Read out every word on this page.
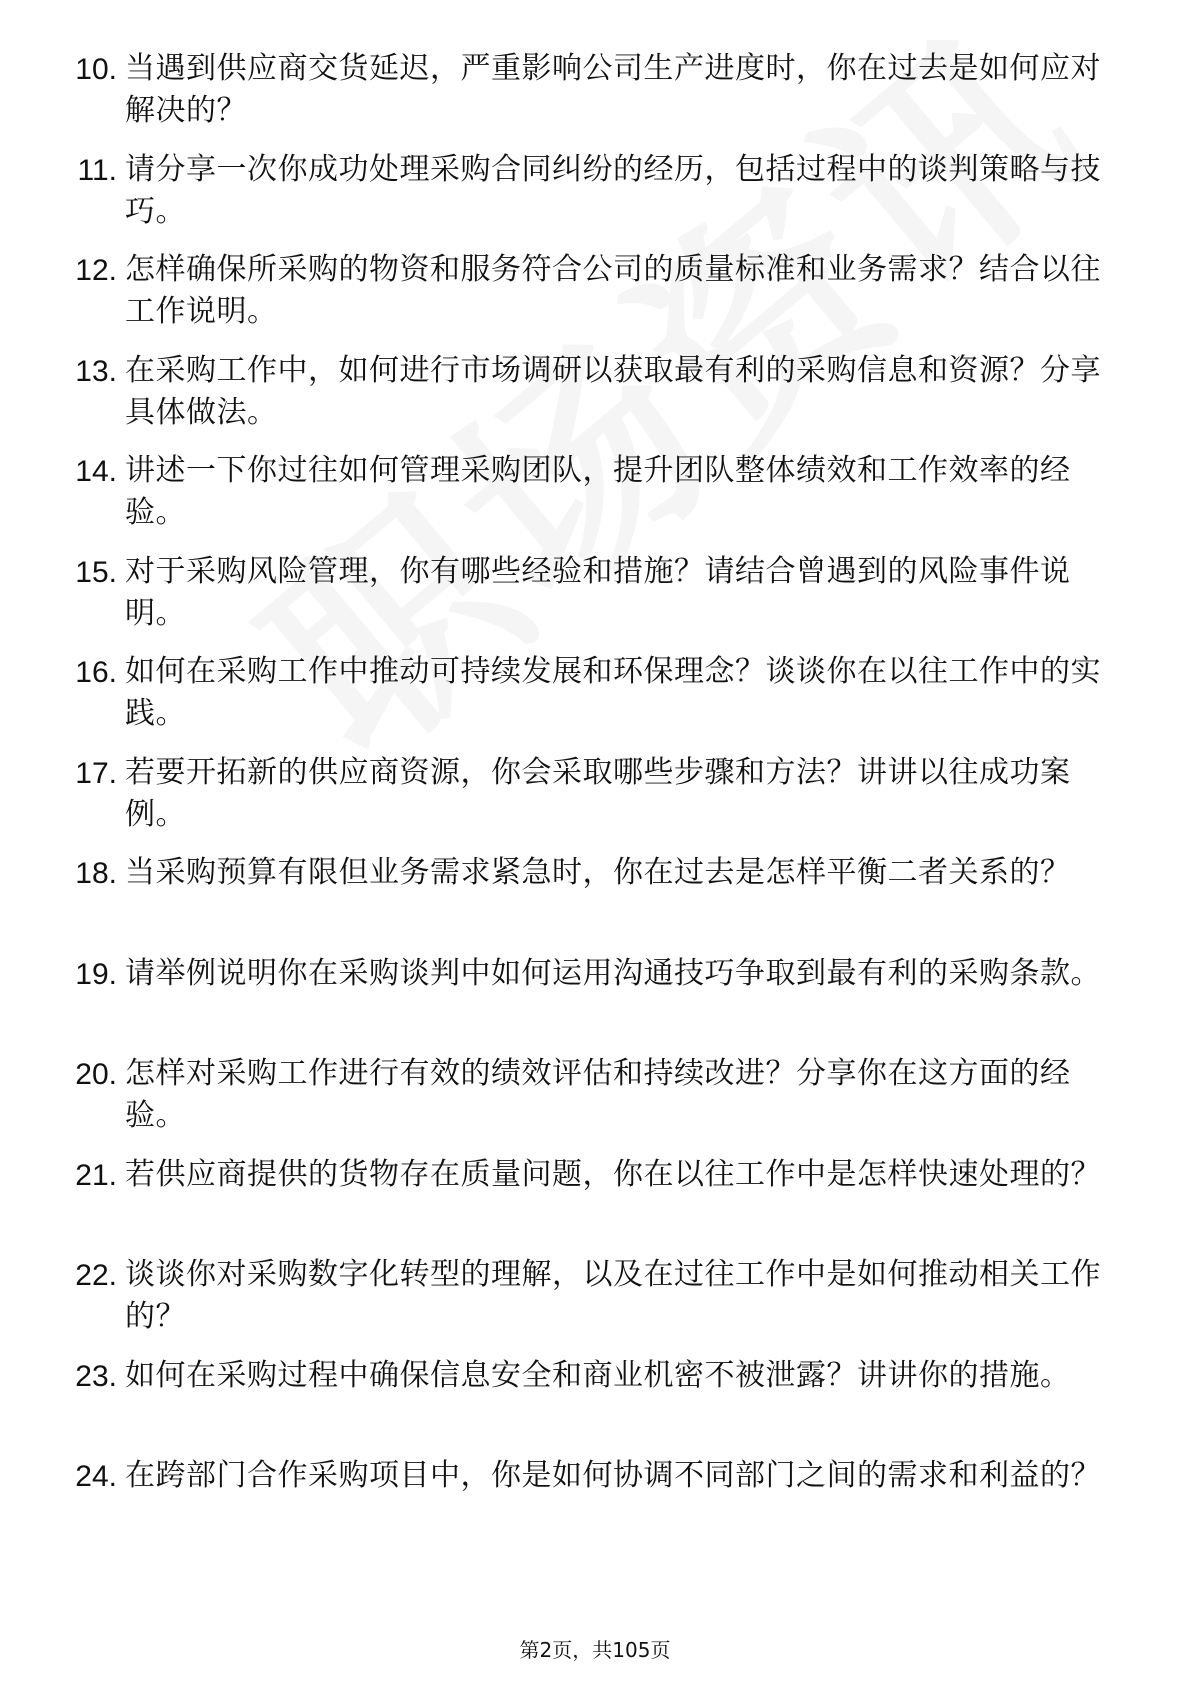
10. 当遇到供应商交货延迟，严重影响公司生产进度时，你在过去是如何应对解决的？
11. 请分享一次你成功处理采购合同纠纷的经历，包括过程中的谈判策略与技巧。
12. 怎样确保所采购的物资和服务符合公司的质量标准和业务需求？结合以往工作说明。
13. 在采购工作中，如何进行市场调研以获取最有利的采购信息和资源？分享具体做法。
14. 讲述一下你过往如何管理采购团队，提升团队整体绩效和工作效率的经验。
15. 对于采购风险管理，你有哪些经验和措施？请结合曾遇到的风险事件说明。
16. 如何在采购工作中推动可持续发展和环保理念？谈谈你在以往工作中的实践。
17. 若要开拓新的供应商资源，你会采取哪些步骤和方法？讲讲以往成功案例。
18. 当采购预算有限但业务需求紧急时，你在过去是怎样平衡二者关系的？
19. 请举例说明你在采购谈判中如何运用沟通技巧争取到最有利的采购条款。
20. 怎样对采购工作进行有效的绩效评估和持续改进？分享你在这方面的经验。
21. 若供应商提供的货物存在质量问题，你在以往工作中是怎样快速处理的？
22. 谈谈你对采购数字化转型的理解，以及在过往工作中是如何推动相关工作的？
23. 如何在采购过程中确保信息安全和商业机密不被泄露？讲讲你的措施。
24. 在跨部门合作采购项目中，你是如何协调不同部门之间的需求和利益的？
第2页，共105页
